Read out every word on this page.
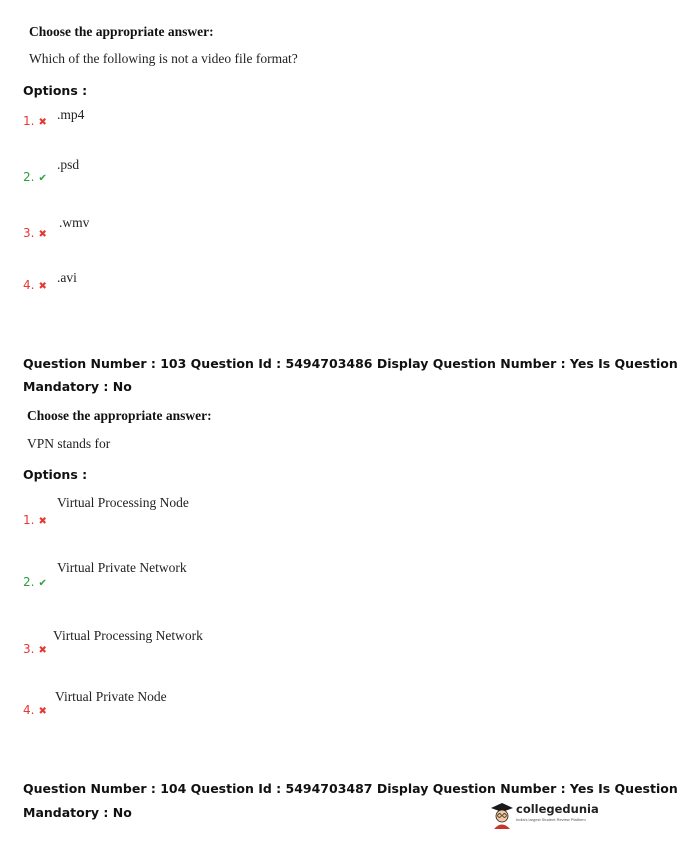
Choose the appropriate answer:
Which of the following is not a video file format?
Options :
1. ✖
.mp4
2. ✔
.psd
3. ✖
.wmv
4. ✖
.avi
Question Number : 103 Question Id : 5494703486 Display Question Number : Yes Is Question
Mandatory : No
Choose the appropriate answer:
VPN stands for
Options :
Virtual Processing Node
1. ✖
Virtual Private Network
2. ✔
Virtual Processing Network
3. ✖
Virtual Private Node
4. ✖
Question Number : 104 Question Id : 5494703487 Display Question Number : Yes Is Question
Mandatory : No	collegedunia
India's largest Student Review Platform
